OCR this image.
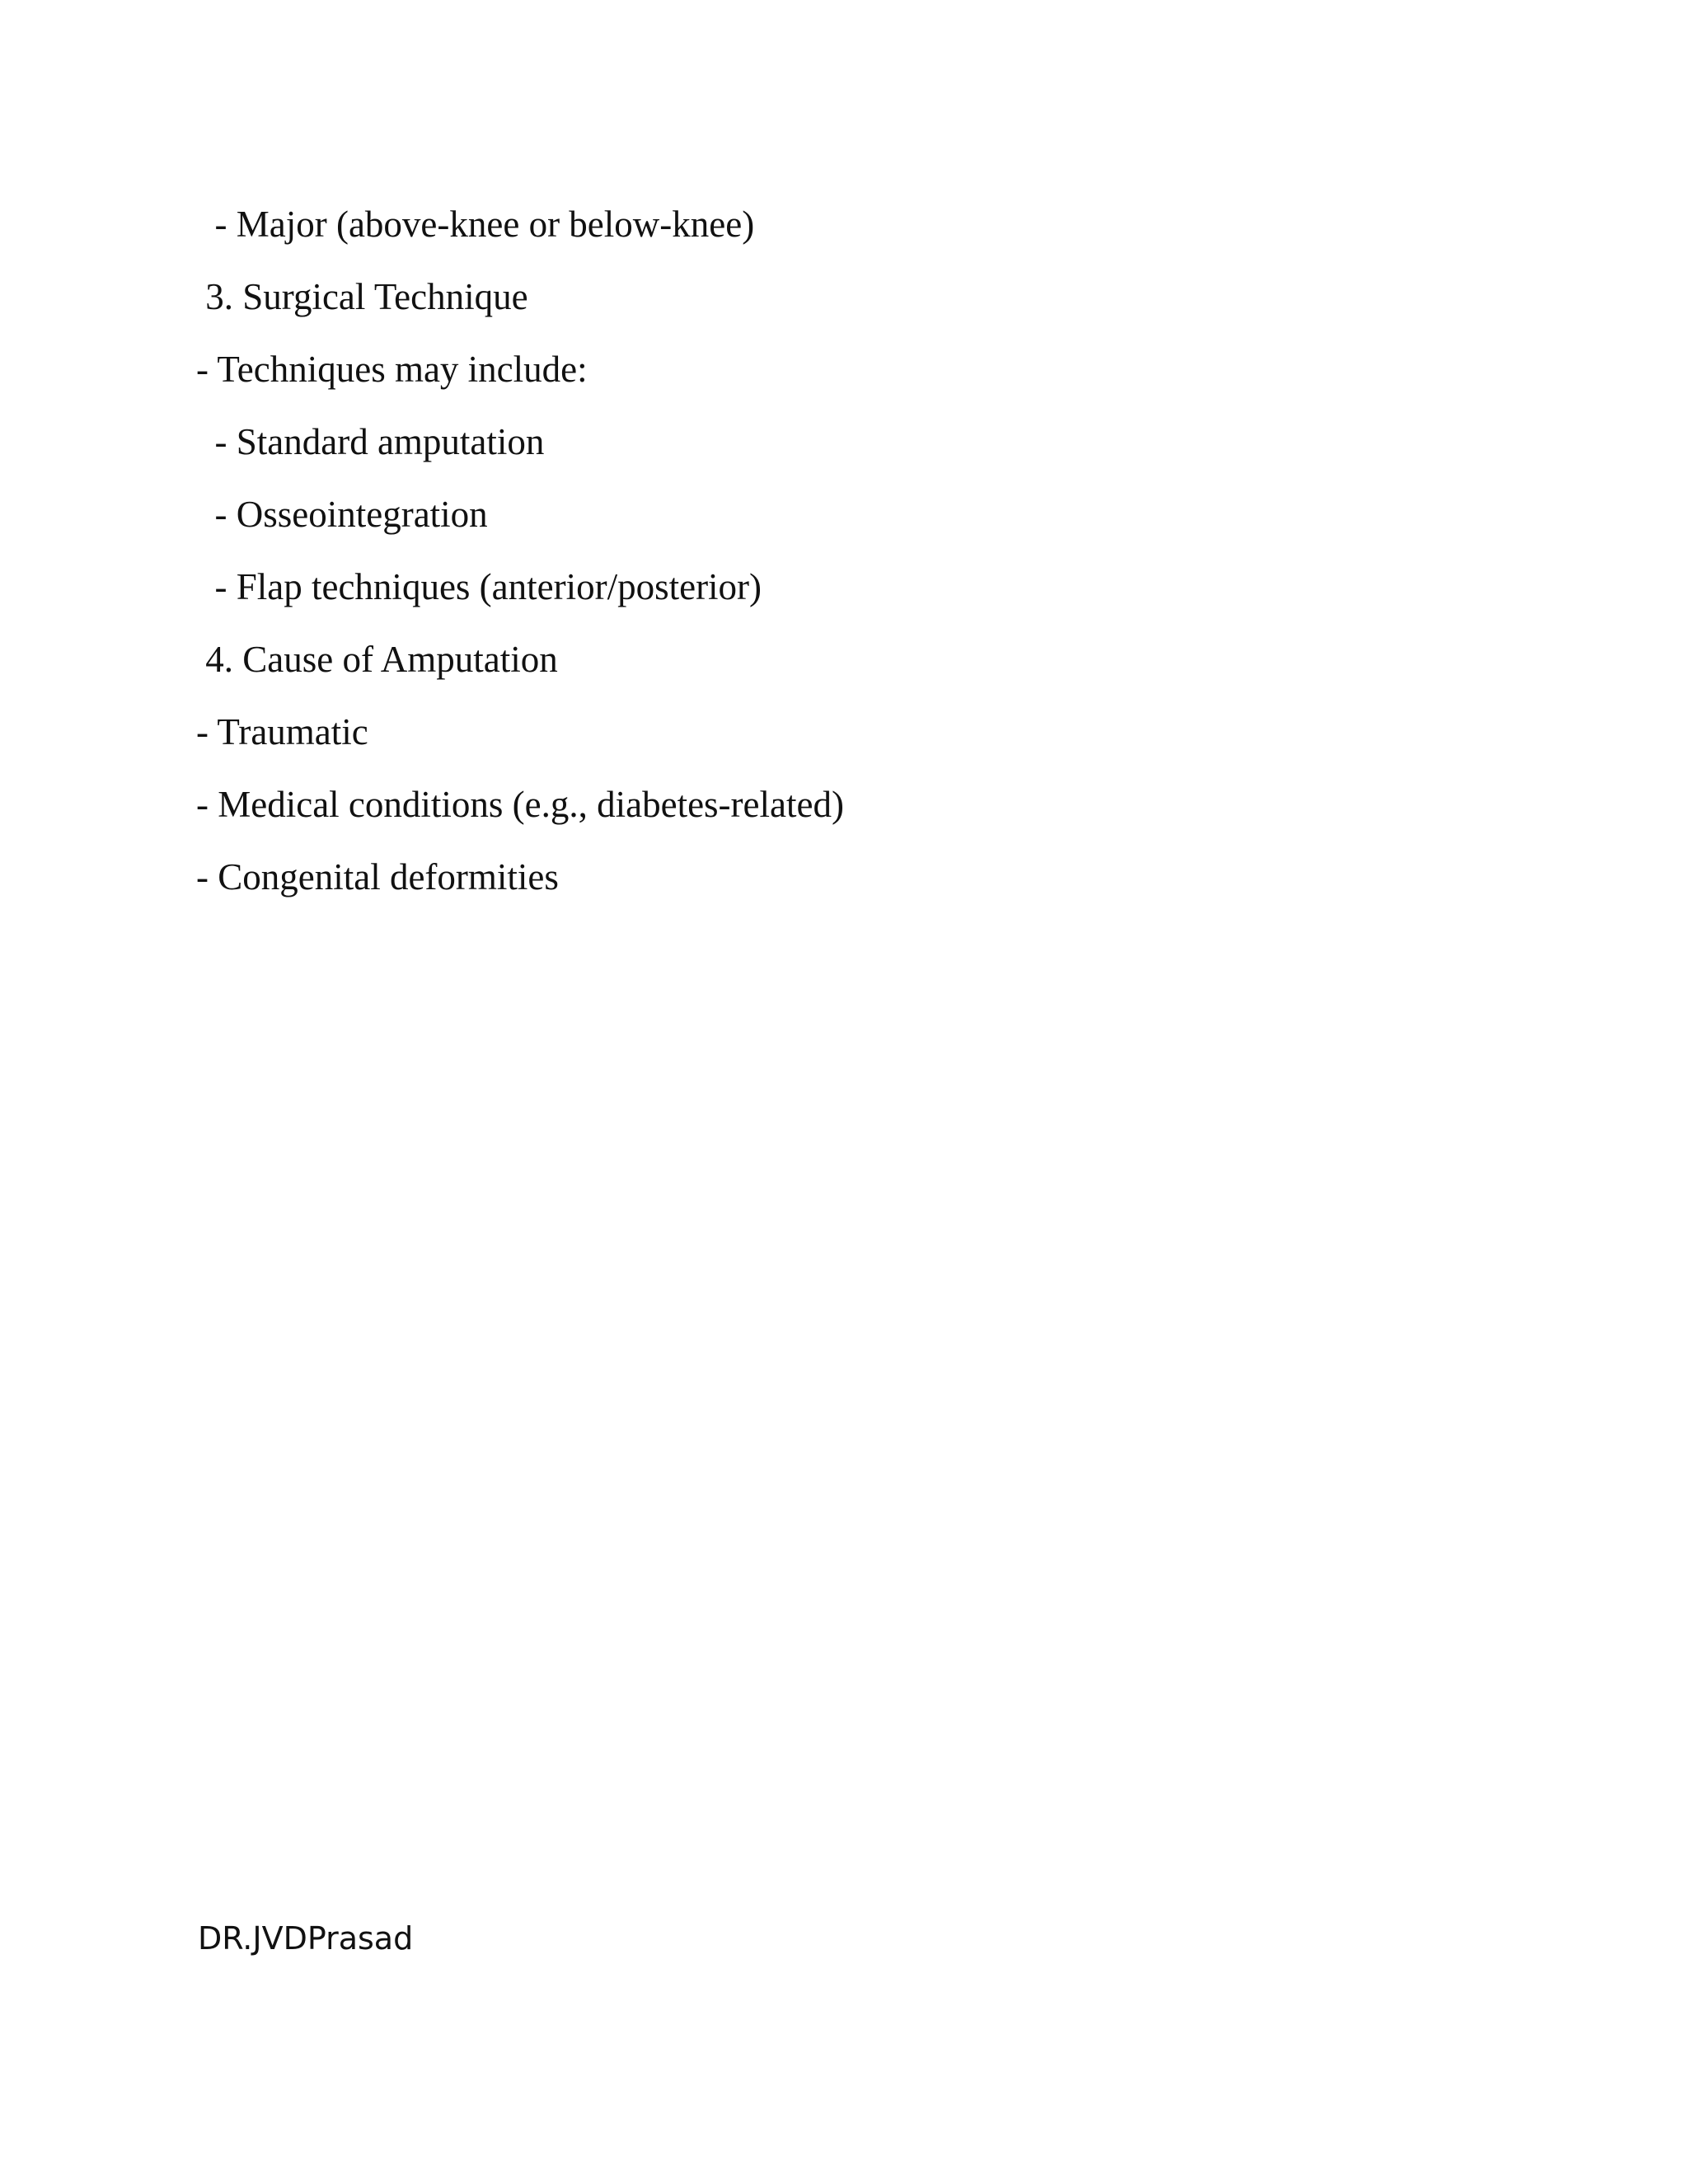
- Major (above-knee or below-knee)
3. Surgical Technique
- Techniques may include:
- Standard amputation
- Osseointegration
- Flap techniques (anterior/posterior)
4. Cause of Amputation
- Traumatic
- Medical conditions (e.g., diabetes-related)
- Congenital deformities
DR.JVDPrasad
